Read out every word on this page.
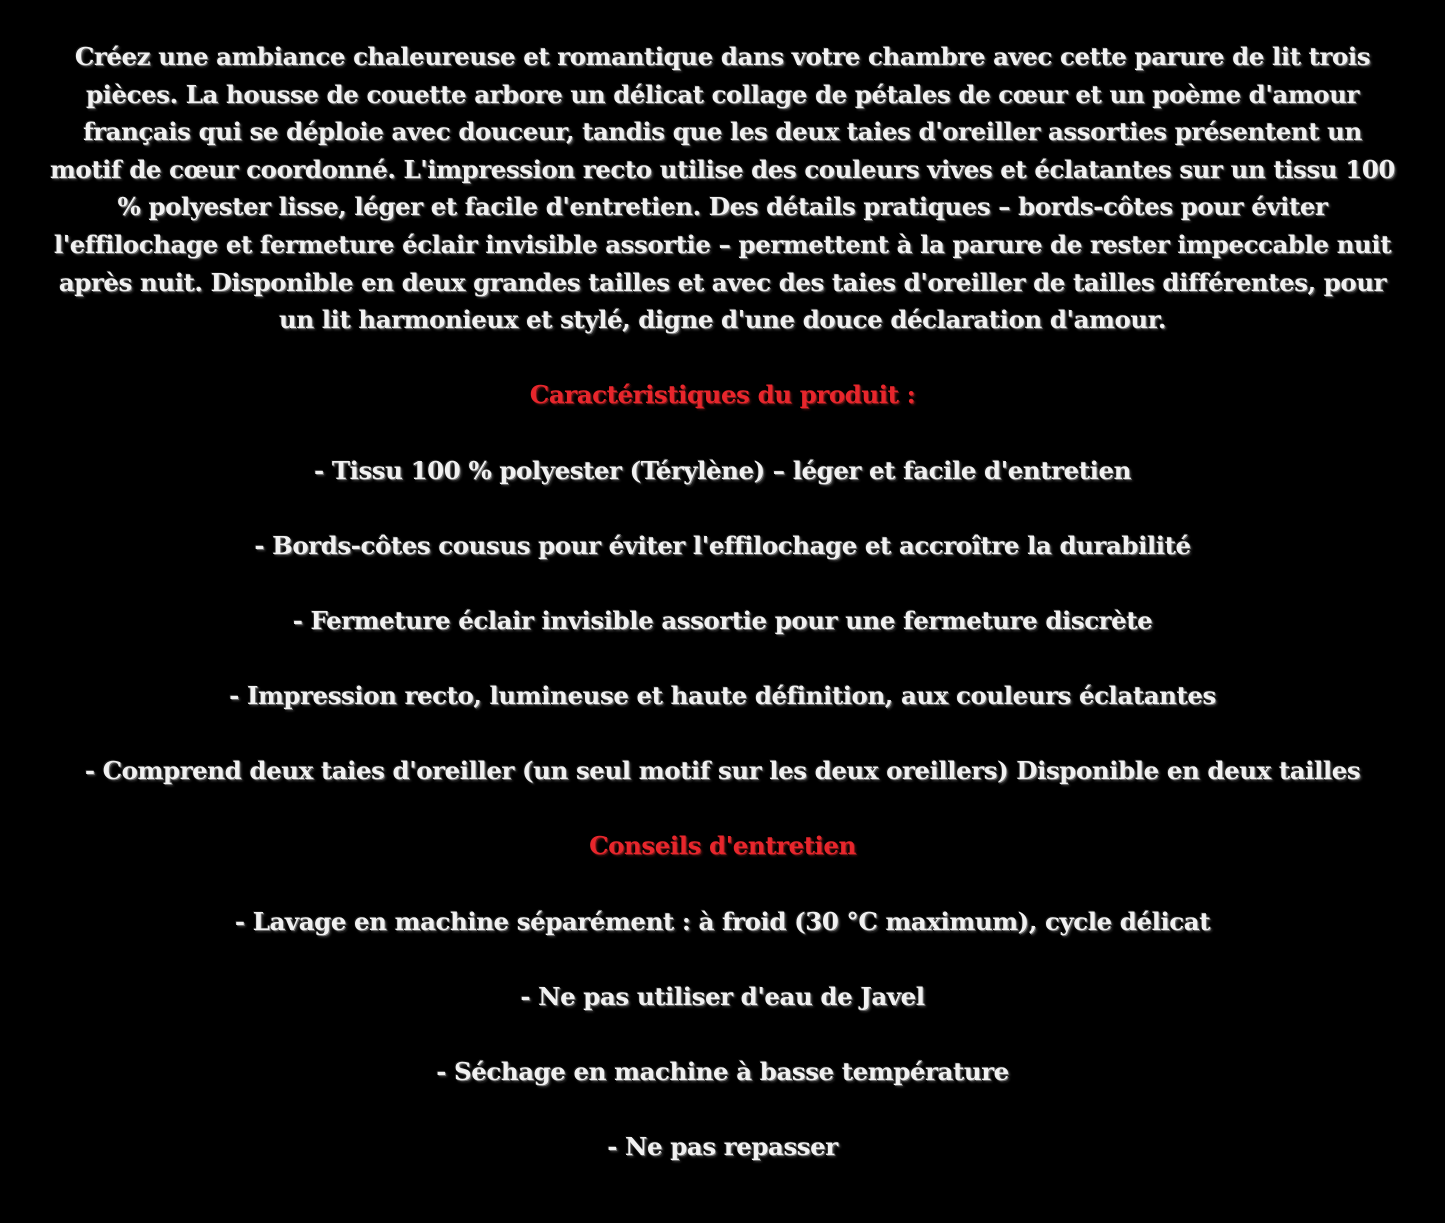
Créez une ambiance chaleureuse et romantique dans votre chambre avec cette parure de lit trois pièces. La housse de couette arbore un délicat collage de pétales de cœur et un poème d'amour français qui se déploie avec douceur, tandis que les deux taies d'oreiller assorties présentent un motif de cœur coordonné. L'impression recto utilise des couleurs vives et éclatantes sur un tissu 100 % polyester lisse, léger et facile d'entretien. Des détails pratiques – bords-côtes pour éviter l'effilochage et fermeture éclair invisible assortie – permettent à la parure de rester impeccable nuit après nuit. Disponible en deux grandes tailles et avec des taies d'oreiller de tailles différentes, pour un lit harmonieux et stylé, digne d'une douce déclaration d'amour.

Caractéristiques du produit :

- Tissu 100 % polyester (Térylène) – léger et facile d'entretien

- Bords-côtes cousus pour éviter l'effilochage et accroître la durabilité

- Fermeture éclair invisible assortie pour une fermeture discrète

- Impression recto, lumineuse et haute définition, aux couleurs éclatantes

- Comprend deux taies d'oreiller (un seul motif sur les deux oreillers) Disponible en deux tailles

Conseils d'entretien

- Lavage en machine séparément : à froid (30 °C maximum), cycle délicat

- Ne pas utiliser d'eau de Javel

- Séchage en machine à basse température

- Ne pas repasser
